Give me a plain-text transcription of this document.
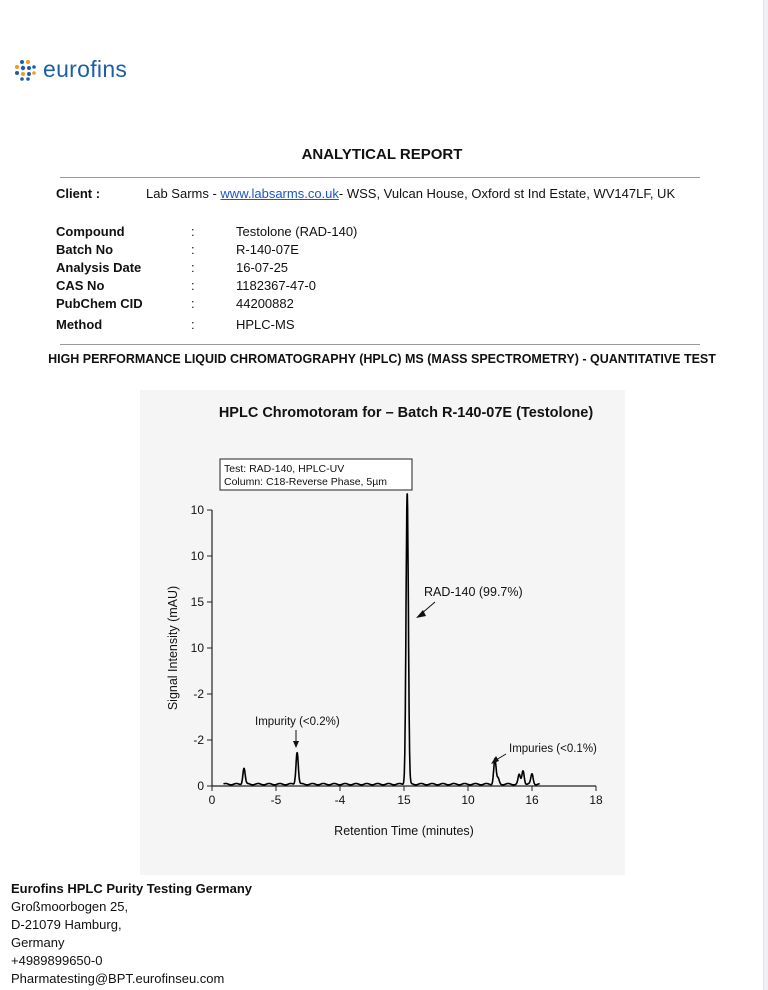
eurofins
ANALYTICAL REPORT
Client :	Lab Sarms - www.labsarms.co.uk- WSS, Vulcan House, Oxford st Ind Estate, WV147LF, UK
Compound	:	Testolone (RAD-140)
Batch No	:	R-140-07E
Analysis Date	:	16-07-25
CAS No	:	1182367-47-0
PubChem CID	:	44200882
Method	:	HPLC-MS
HIGH PERFORMANCE LIQUID CHROMATOGRAPHY (HPLC) MS (MASS SPECTROMETRY) - QUANTITATIVE TEST
HPLC Chromotoram for – Batch R-140-07E (Testolone)
Test: RAD-140, HPLC-UV
Column: C18-Reverse Phase, 5µm
0
-2
-2
10
15
10
10
0	-5	-4	15	10	16	18
Signal Intensity (mAU)
Retention Time (minutes)
RAD-140 (99.7%)
Impurity (<0.2%)
Impuries (<0.1%)
Eurofins HPLC Purity Testing Germany
Großmoorbogen 25,
D-21079 Hamburg,
Germany
+4989899650-0
Pharmatesting@BPT.eurofinseu.com
